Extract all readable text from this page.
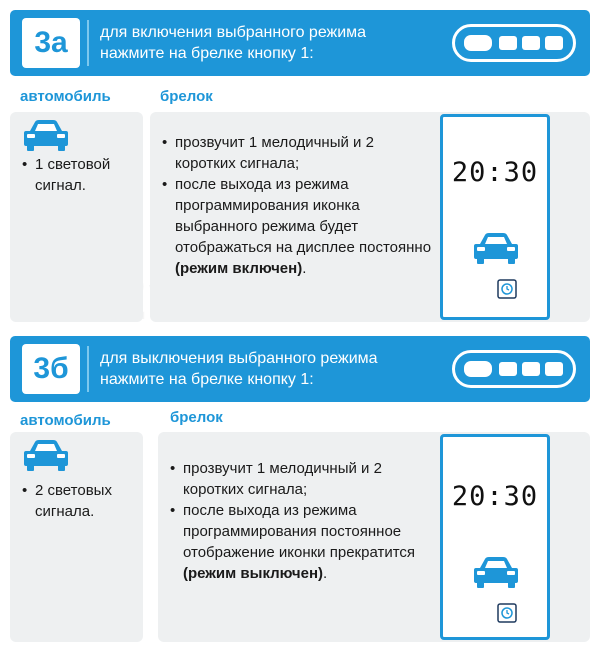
3а	для включения выбранного режима
нажмите на брелке кнопку 1:
автомобиль	брелок
• 1 световой сигнал.
• прозвучит 1 мелодичный и 2 коротких сигнала;
• после выхода из режима программирования иконка выбранного режима будет отображаться на дисплее постоянно (режим включен).
20:30
3б	для выключения выбранного режима
нажмите на брелке кнопку 1:
автомобиль	брелок
• 2 световых сигнала.
• прозвучит 1 мелодичный и 2 коротких сигнала;
• после выхода из режима программирования постоянное отображение иконки прекратится (режим выключен).
20:30
